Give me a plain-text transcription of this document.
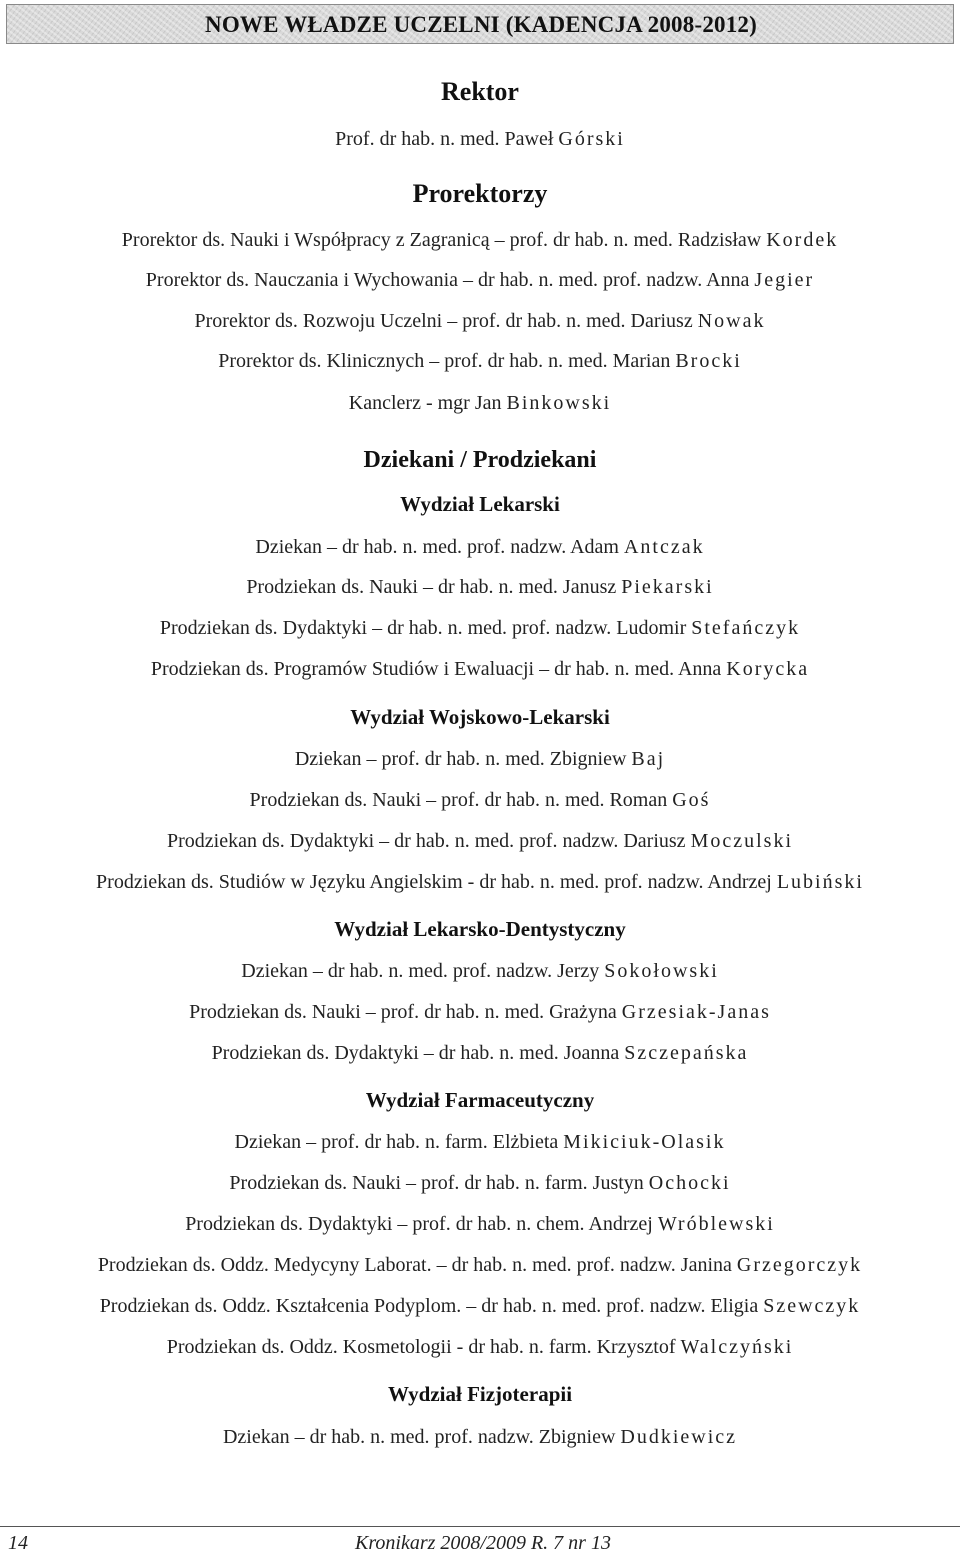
NOWE WŁADZE UCZELNI (KADENCJA 2008-2012)
Rektor
Prof. dr hab. n. med. Paweł Górski
Prorektorzy
Prorektor ds. Nauki i Współpracy z Zagranicą – prof. dr hab. n. med. Radzisław Kordek
Prorektor ds. Nauczania i Wychowania – dr hab. n. med. prof. nadzw. Anna Jegier
Prorektor ds. Rozwoju Uczelni – prof. dr hab. n. med. Dariusz Nowak
Prorektor ds. Klinicznych – prof. dr hab. n. med. Marian Brocki
Kanclerz - mgr Jan Binkowski
Dziekani / Prodziekani
Wydział Lekarski
Dziekan – dr hab. n. med. prof. nadzw. Adam Antczak
Prodziekan ds. Nauki – dr hab. n. med. Janusz Piekarski
Prodziekan ds. Dydaktyki – dr hab. n. med. prof. nadzw. Ludomir Stefańczyk
Prodziekan ds. Programów Studiów i Ewaluacji – dr hab. n. med. Anna Korycka
Wydział Wojskowo-Lekarski
Dziekan – prof. dr hab. n. med. Zbigniew Baj
Prodziekan ds. Nauki – prof. dr hab. n. med. Roman Goś
Prodziekan ds. Dydaktyki – dr hab. n. med. prof. nadzw. Dariusz Moczulski
Prodziekan ds. Studiów w Języku Angielskim - dr hab. n. med. prof. nadzw. Andrzej Lubiński
Wydział Lekarsko-Dentystyczny
Dziekan – dr hab. n. med. prof. nadzw. Jerzy Sokołowski
Prodziekan ds. Nauki – prof. dr hab. n. med. Grażyna Grzesiak-Janas
Prodziekan ds. Dydaktyki – dr hab. n. med. Joanna Szczepańska
Wydział Farmaceutyczny
Dziekan – prof. dr hab. n. farm. Elżbieta Mikiciuk-Olasik
Prodziekan ds. Nauki – prof. dr hab. n. farm. Justyn Ochocki
Prodziekan ds. Dydaktyki – prof. dr hab. n. chem. Andrzej Wróblewski
Prodziekan ds. Oddz. Medycyny Laborat. – dr hab. n. med. prof. nadzw. Janina Grzegorczyk
Prodziekan ds. Oddz. Kształcenia Podyplom. – dr hab. n. med. prof. nadzw. Eligia Szewczyk
Prodziekan ds. Oddz. Kosmetologii - dr hab. n. farm. Krzysztof Walczyński
Wydział Fizjoterapii
Dziekan – dr hab. n. med. prof. nadzw. Zbigniew Dudkiewicz
14	Kronikarz 2008/2009 R. 7 nr 13
